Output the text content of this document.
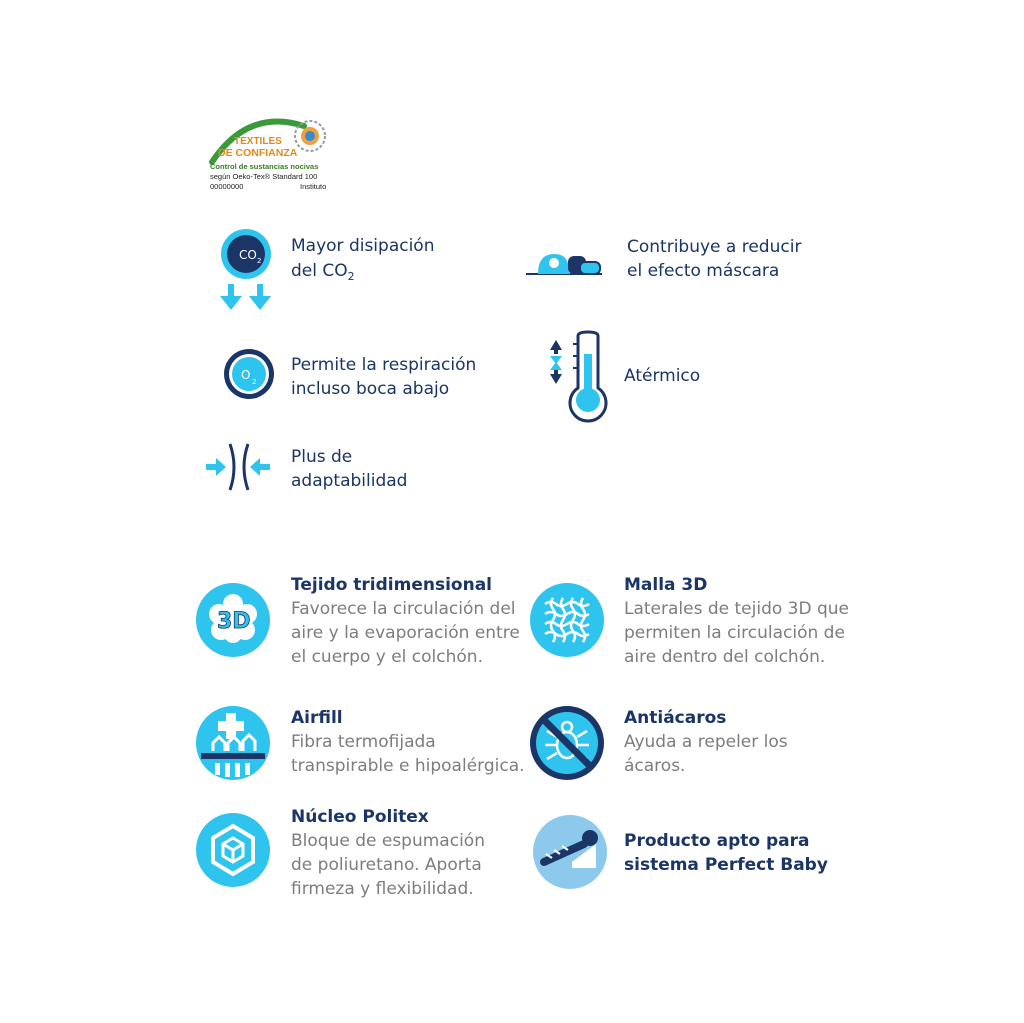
TEXTILES
DE CONFIANZA
Control de sustancias nocivas
según Oeko-Tex® Standard 100
00000000	Instituto
CO 2
Mayor disipación
del $CO_2$
Contribuye a reducir
el efecto máscara
O 2
Permite la respiración
incluso boca abajo
Atérmico
Plus de
adaptabilidad
3D
Tejido tridimensional
Favorece la circulación del
aire y la evaporación entre
el cuerpo y el colchón.
Malla 3D
Laterales de tejido 3D que
permiten la circulación de
aire dentro del colchón.
Airfill
Fibra termofijada
transpirable e hipoalérgica.
Antiácaros
Ayuda a repeler los
ácaros.
Núcleo Politex
Bloque de espumación
de poliuretano. Aporta
firmeza y flexibilidad.
Producto apto para
sistema Perfect Baby
